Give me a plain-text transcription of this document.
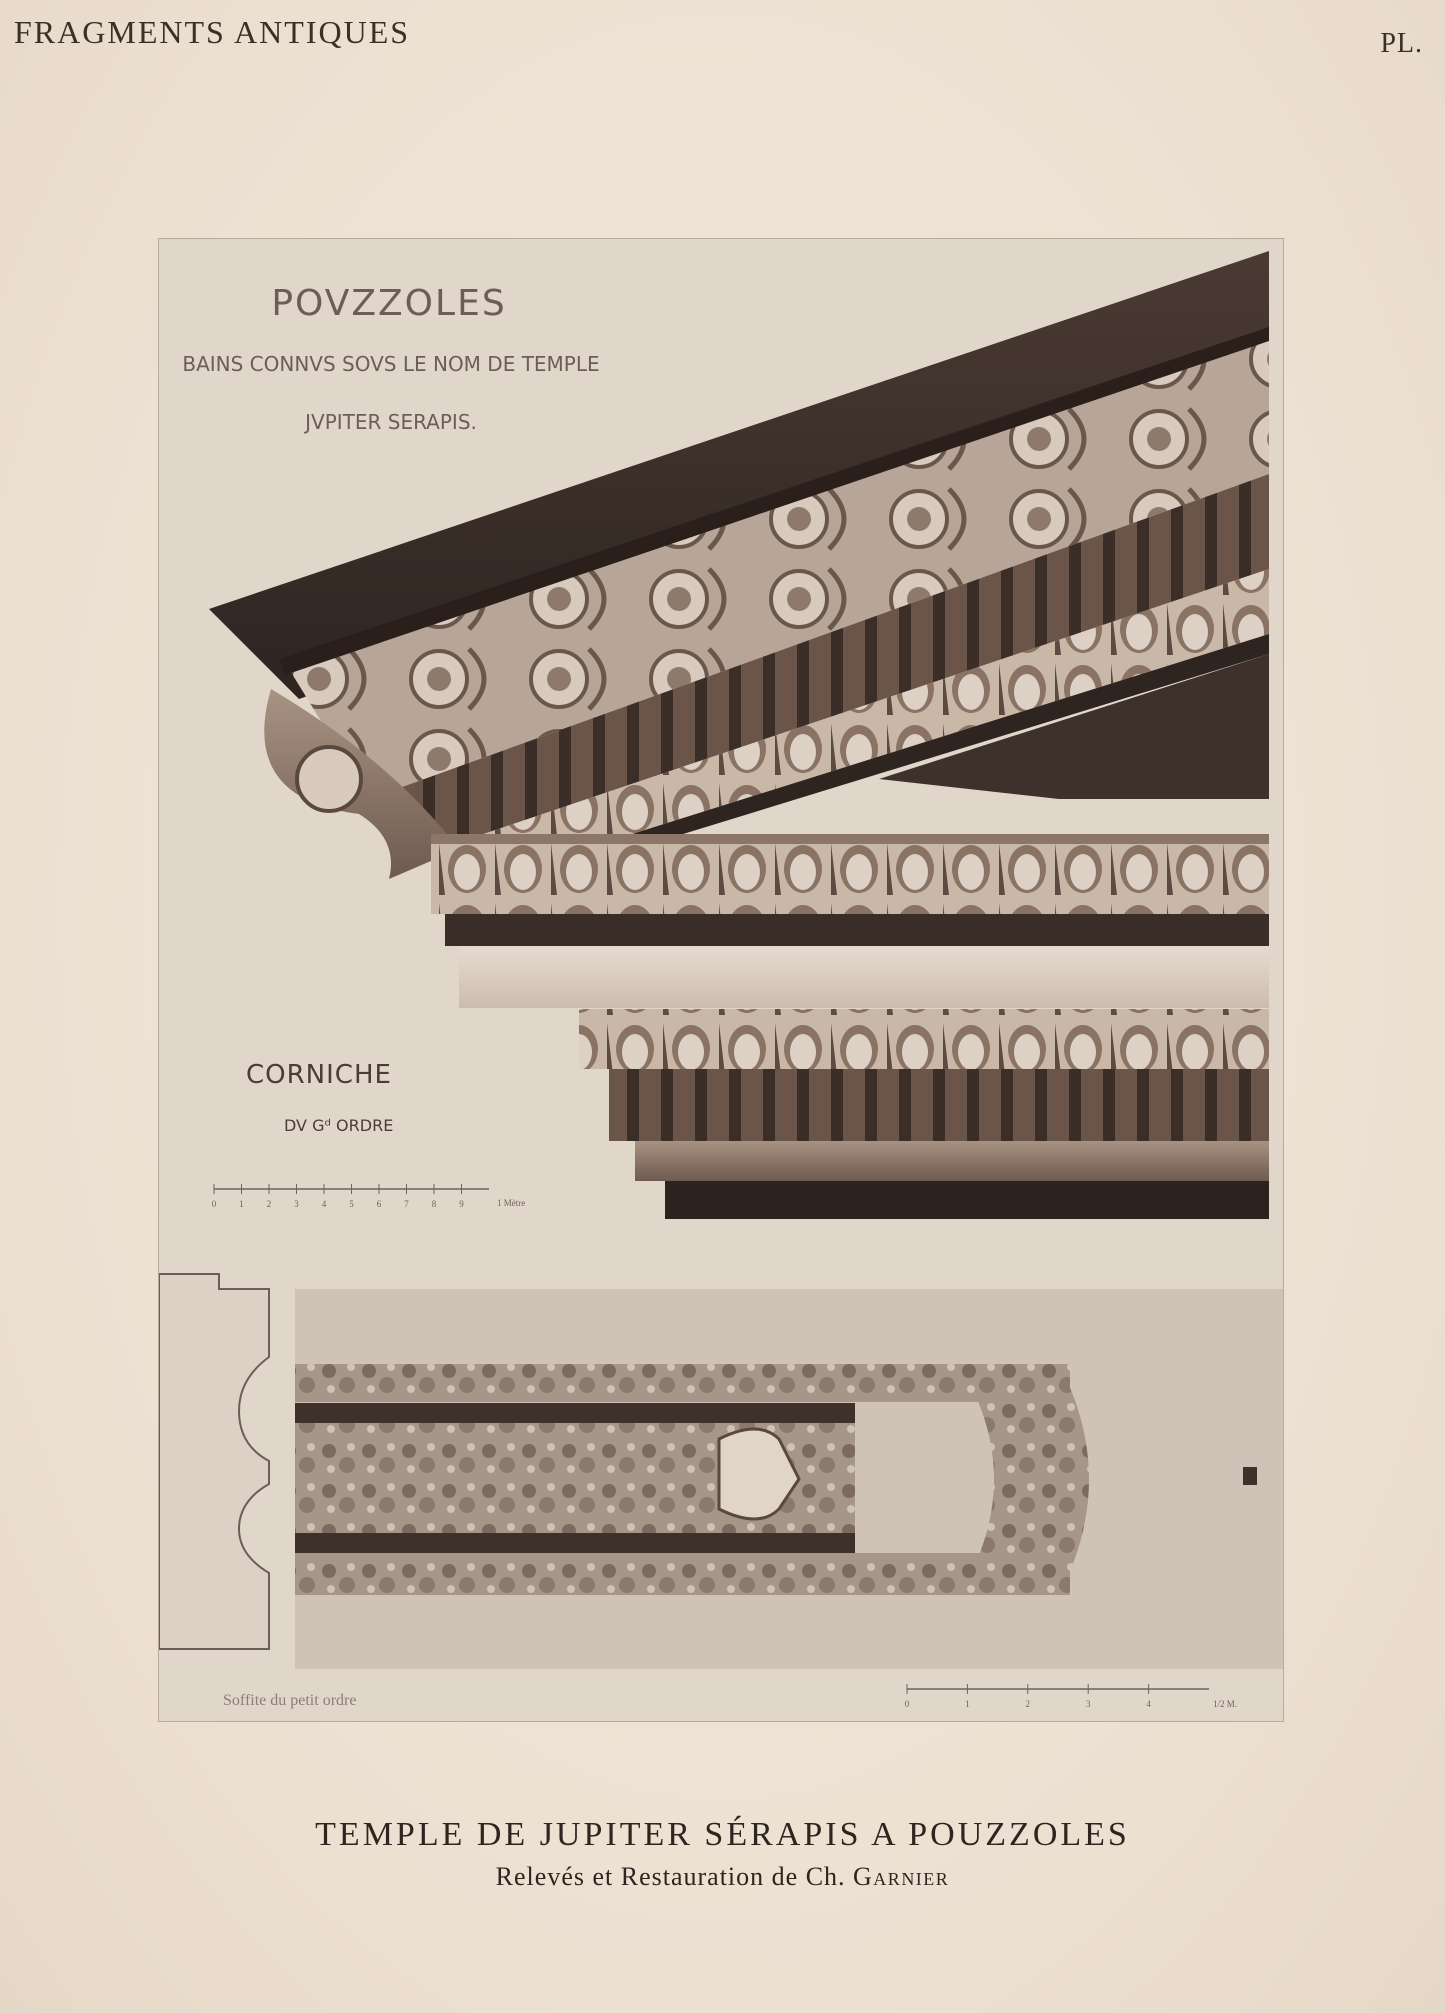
FRAGMENTS ANTIQUES	PL.
POVZZOLES
BAINS CONNVS SOVS LE NOM DE TEMPLE
JVPITER SERAPIS.
CORNICHE
DV Gᵈ ORDRE
0	1	2	3	4	5	6	7	8	9	1 Mètre
Soffite du petit ordre	0	1	2	3	4	1/2 M.
TEMPLE DE JUPITER SÉRAPIS A POUZZOLES
Relevés et Restauration de Ch. Garnier
